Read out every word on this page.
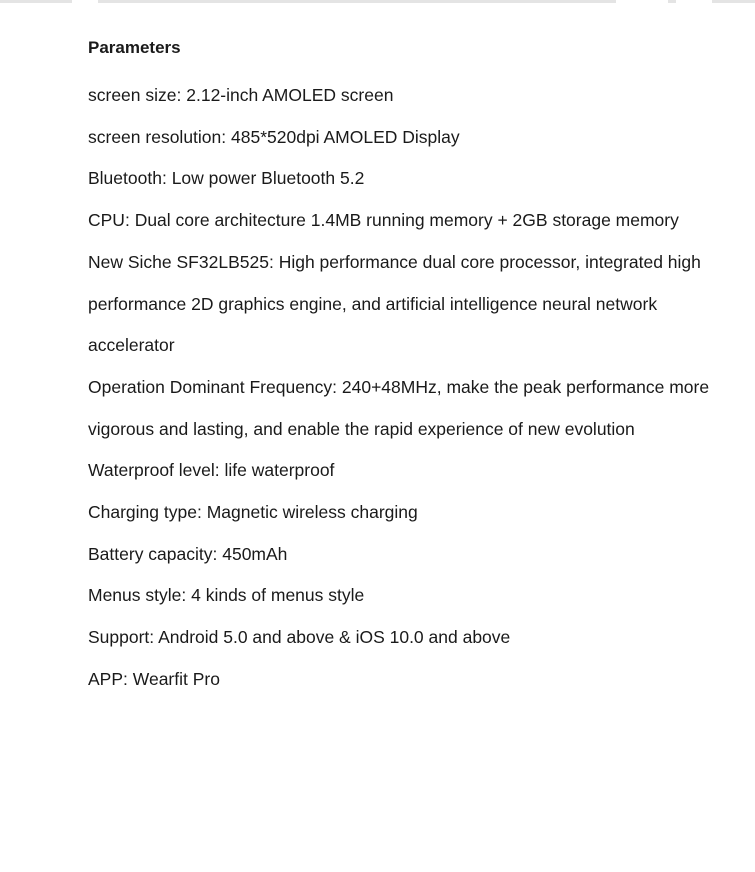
Parameters
screen size: 2.12-inch AMOLED screen
screen resolution: 485*520dpi AMOLED Display
Bluetooth: Low power Bluetooth 5.2
CPU: Dual core architecture 1.4MB running memory + 2GB storage memory
New Siche SF32LB525: High performance dual core processor, integrated high performance 2D graphics engine, and artificial intelligence neural network accelerator
Operation Dominant Frequency: 240+48MHz, make the peak performance more vigorous and lasting, and enable the rapid experience of new evolution
Waterproof level: life waterproof
Charging type: Magnetic wireless charging
Battery capacity: 450mAh
Menus style: 4 kinds of menus style
Support: Android 5.0 and above & iOS 10.0 and above
APP: Wearfit Pro
